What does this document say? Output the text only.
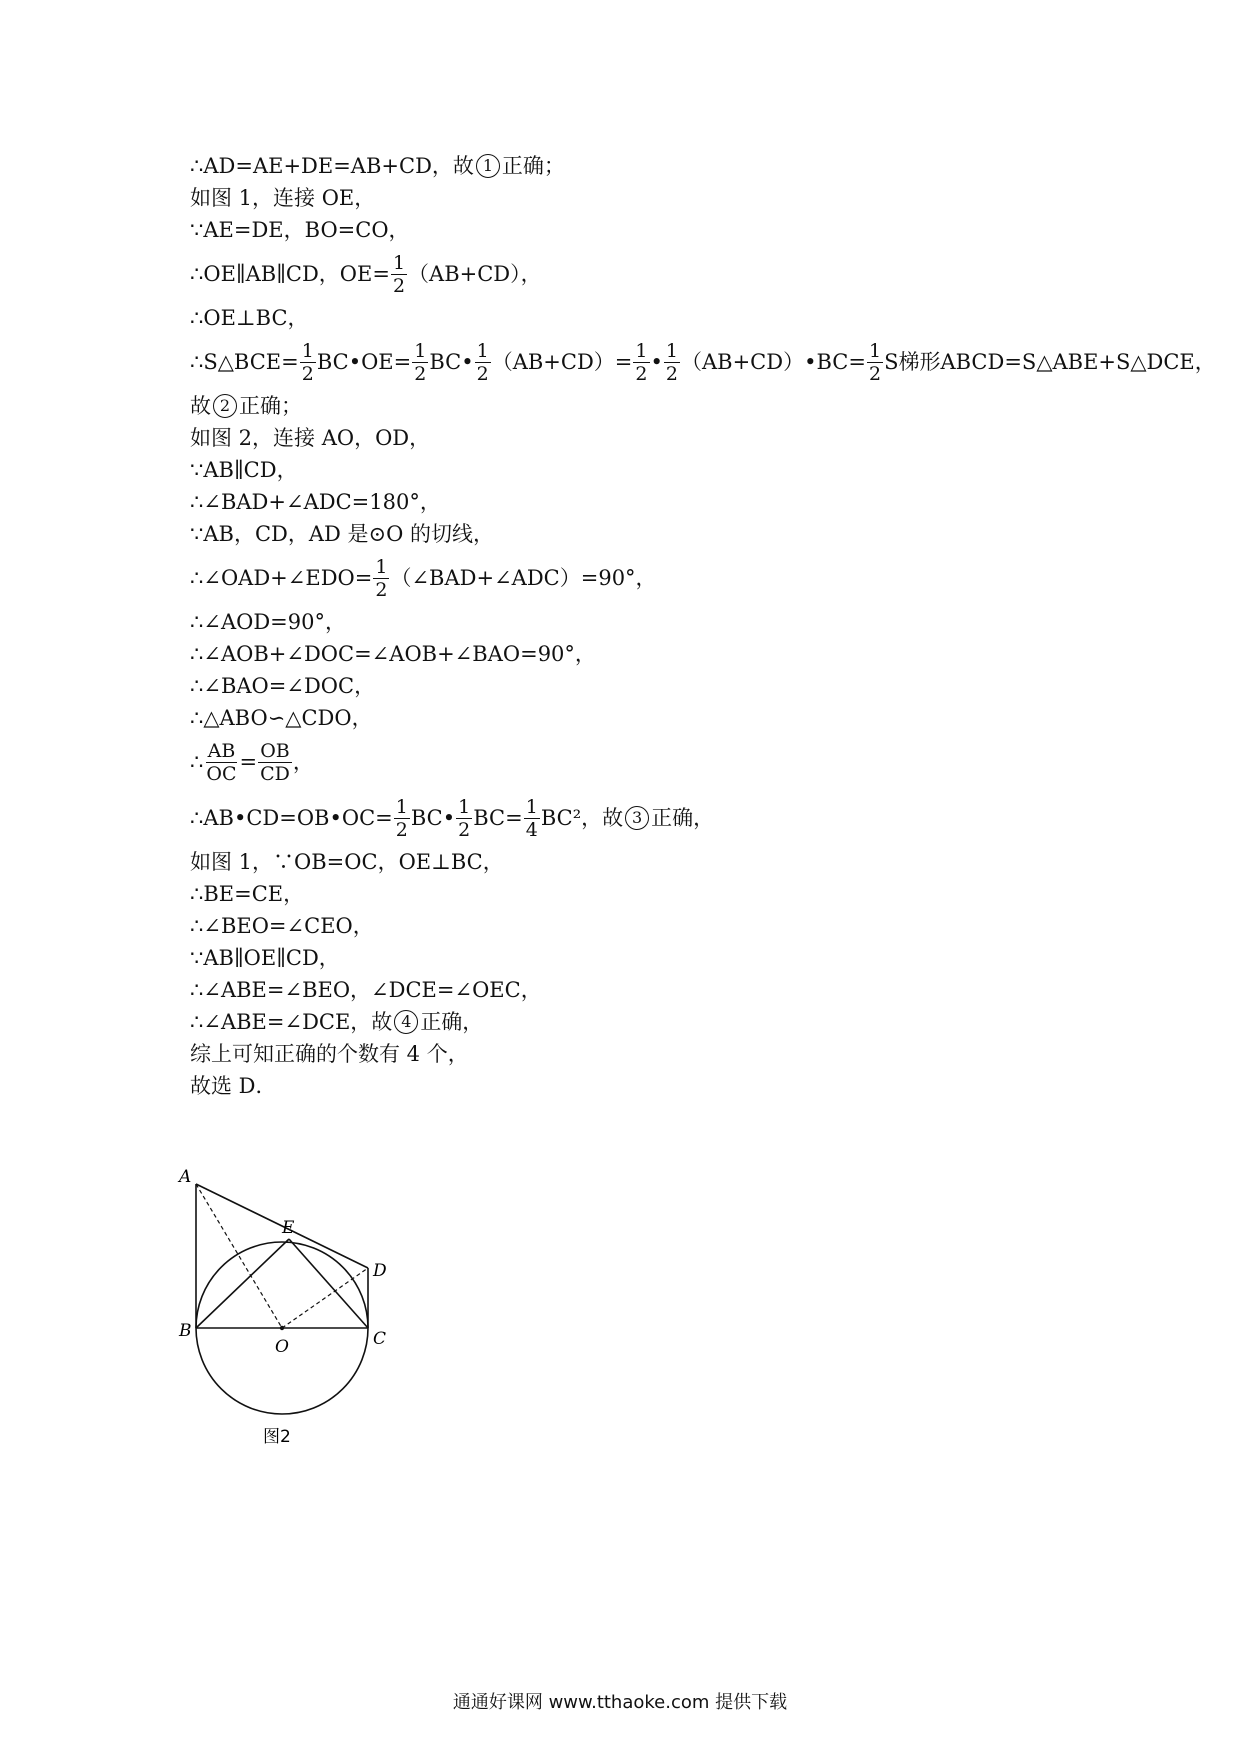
∴AD=AE+DE=AB+CD，故 1 正确；
如图 1，连接 OE，
∵AE=DE，BO=CO，
∴OE∥AB∥CD，$OE= \frac{1}{2} (AB+CD)$，
∴OE⊥BC，
∴S△BCE= $\frac{1}{2}$ BC•OE= $\frac{1}{2}$ BC• $\frac{1}{2} (AB+CD)= \frac{1}{2}$ • $\frac{1}{2}$ （AB+CD）•BC= $\frac{1}{2}$ S梯形ABCD=S△ABE+S△DCE，
故 2 正确；
如图 2，连接 AO，OD，
∵AB∥CD，
∴∠BAD+∠ADC=180°，
∵AB，CD，AD 是⊙O 的切线，
∴∠OAD+∠EDO= $\frac{1}{2}$ （∠BAD+∠ADC）=90°，
∴∠AOD=90°，
∴∠AOB+∠DOC=∠AOB+∠BAO=90°，
∴∠BAO=∠DOC，
∴△ABO∽△CDO，
∴ $\frac{AB}{OC} = \frac{OB}{CD}$ ，
∴AB•CD=OB•OC= $\frac{1}{2}$ BC• $\frac{1}{2} BC= \frac{1}{4} BC^2$，故 3 正确，
如图 1，∵OB=OC，OE⊥BC，
∴BE=CE，
∴∠BEO=∠CEO，
∵AB∥OE∥CD，
∴∠ABE=∠BEO，∠DCE=∠OEC，
∴∠ABE=∠DCE，故 4 正确，
综上可知正确的个数有 4 个，
故选 D．
A
B	C
D
E
O
图2
通通好课网 www.tthaoke.com 提供下载
